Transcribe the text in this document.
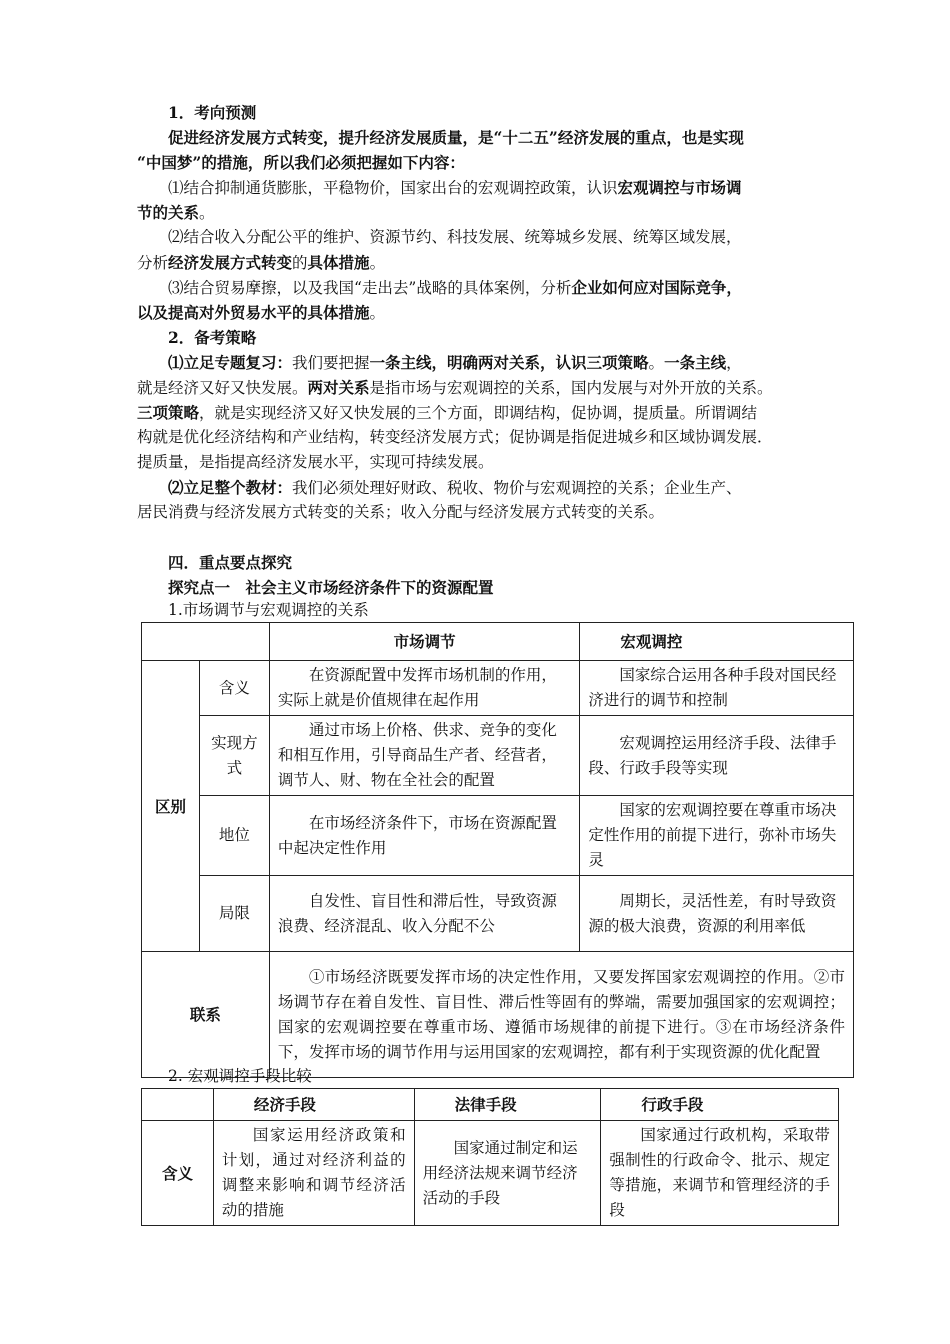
1．考向预测
促进经济发展方式转变，提升经济发展质量，是“十二五”经济发展的重点，也是实现
“中国梦”的措施，所以我们必须把握如下内容：
⑴结合抑制通货膨胀，平稳物价，国家出台的宏观调控政策，认识宏观调控与市场调
节的关系。
⑵结合收入分配公平的维护、资源节约、科技发展、统筹城乡发展、统筹区域发展，
分析经济发展方式转变的具体措施。
⑶结合贸易摩擦，以及我国“走出去”战略的具体案例，分析企业如何应对国际竞争，
以及提高对外贸易水平的具体措施。
2．备考策略
⑴立足专题复习：我们要把握一条主线，明确两对关系，认识三项策略。一条主线，
就是经济又好又快发展。两对关系是指市场与宏观调控的关系，国内发展与对外开放的关系。
三项策略，就是实现经济又好又快发展的三个方面，即调结构，促协调，提质量。所谓调结
构就是优化经济结构和产业结构，转变经济发展方式；促协调是指促进城乡和区域协调发展．
提质量，是指提高经济发展水平，实现可持续发展。
⑵立足整个教材：我们必须处理好财政、税收、物价与宏观调控的关系；企业生产、
居民消费与经济发展方式转变的关系；收入分配与经济发展方式转变的关系。
四．重点要点探究
探究点一　社会主义市场经济条件下的资源配置
1.市场调节与宏观调控的关系
		市场调节	宏观调控
区别	含义	在资源配置中发挥市场机制的作用，实际上就是价值规律在起作用	国家综合运用各种手段对国民经济进行的调节和控制
	实现方式	通过市场上价格、供求、竞争的变化和相互作用，引导商品生产者、经营者，调节人、财、物在全社会的配置	宏观调控运用经济手段、法律手段、行政手段等实现
	地位	在市场经济条件下，市场在资源配置中起决定性作用	国家的宏观调控要在尊重市场决定性作用的前提下进行，弥补市场失灵
	局限	自发性、盲目性和滞后性，导致资源浪费、经济混乱、收入分配不公	周期长，灵活性差，有时导致资源的极大浪费，资源的利用率低
联系		①市场经济既要发挥市场的决定性作用，又要发挥国家宏观调控的作用。②市场调节存在着自发性、盲目性、滞后性等固有的弊端，需要加强国家的宏观调控；国家的宏观调控要在尊重市场、遵循市场规律的前提下进行。③在市场经济条件下，发挥市场的调节作用与运用国家的宏观调控，都有利于实现资源的优化配置	
2. 宏观调控手段比较
	经济手段	法律手段	行政手段
含义	国家运用经济政策和计划，通过对经济利益的调整来影响和调节经济活动的措施	国家通过制定和运用经济法规来调节经济活动的手段	国家通过行政机构，采取带强制性的行政命令、批示、规定等措施，来调节和管理经济的手段
